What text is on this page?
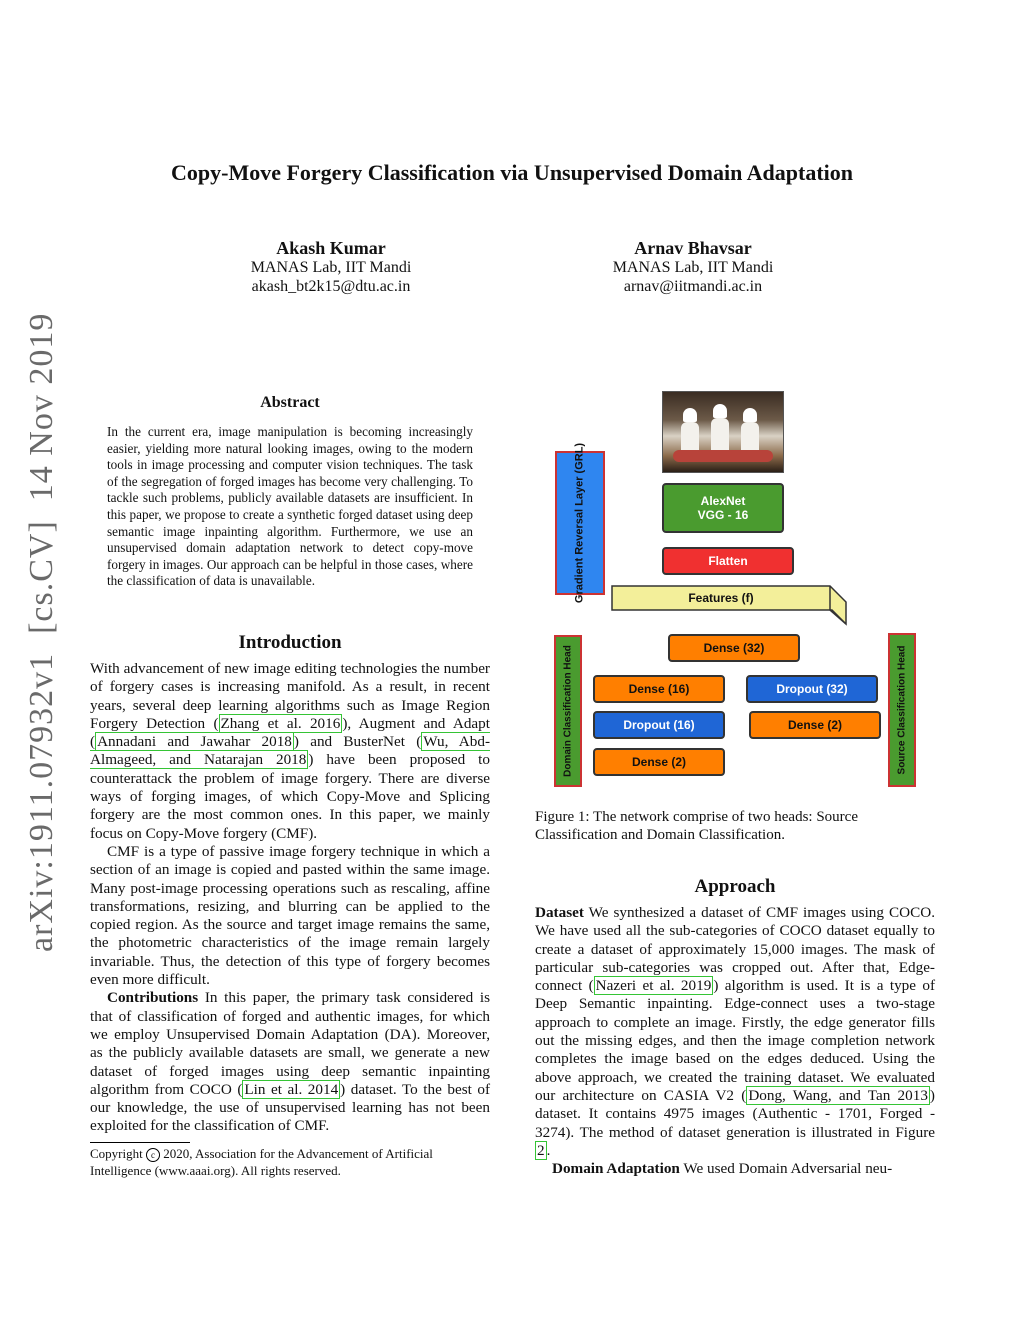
Copy-Move Forgery Classification via Unsupervised Domain Adaptation
Akash Kumar
MANAS Lab, IIT Mandi
akash_bt2k15@dtu.ac.in
Arnav Bhavsar
MANAS Lab, IIT Mandi
arnav@iitmandi.ac.in
arXiv:1911.07932v1  [cs.CV]  14 Nov 2019	Abstract
In the current era, image manipulation is becoming increasingly easier, yielding more natural looking images, owing to the modern tools in image processing and computer vision techniques. The task of the segregation of forged images has become very challenging. To tackle such problems, publicly available datasets are insufficient. In this paper, we propose to create a synthetic forged dataset using deep semantic image inpainting algorithm. Furthermore, we use an unsupervised domain adaptation network to detect copy-move forgery in images. Our approach can be helpful in those cases, where the classification of data is unavailable.
Introduction

With advancement of new image editing technologies the number of forgery cases is increasing manifold. As a result, in recent years, several deep learning algorithms such as Image Region Forgery Detection ( Zhang et al. 2016 ), Augment and Adapt ( Annadani and Jawahar 2018 ) and BusterNet ( Wu, Abd-Almageed, and Natarajan 2018 ) have been proposed to counterattack the problem of image forgery. There are diverse ways of forging images, of which Copy-Move and Splicing forgery are the most common ones. In this paper, we mainly focus on Copy-Move forgery (CMF).

CMF is a type of passive image forgery technique in which a section of an image is copied and pasted within the same image. Many post-image processing operations such as rescaling, affine transformations, resizing, and blurring can be applied to the copied region. As the source and target image remains the same, the photometric characteristics of the image remain largely invariable. Thus, the detection of this type of forgery becomes even more difficult.

Contributions In this paper, the primary task considered is that of classification of forged and authentic images, for which we employ Unsupervised Domain Adaptation (DA). Moreover, as the publicly available datasets are small, we generate a new dataset of forged images using deep semantic inpainting algorithm from COCO ( Lin et al. 2014 ) dataset. To the best of our knowledge, the use of unsupervised learning has not been exploited for the classification of CMF.

Copyright c 2020, Association for the Advancement of Artificial Intelligence (www.aaai.org). All rights reserved.
Gradient Reversal Layer (GRL)	AlexNet
VGG - 16
Flatten
Features (f)
Dense (32)
Domain Classification Head	Source Classification Head
Dense (16)
Dropout (16)
Dense (2)
Dropout (32)
Dense (2)
Figure 1: The network comprise of two heads: Source Classification and Domain Classification.
Approach

Dataset We synthesized a dataset of CMF images using COCO. We have used all the sub-categories of COCO dataset equally to create a dataset of approximately 15,000 images. The mask of particular sub-categories was cropped out. After that, Edge-connect ( Nazeri et al. 2019 ) algorithm is used. It is a type of Deep Semantic inpainting. Edge-connect uses a two-stage approach to complete an image. Firstly, the edge generator fills out the missing edges, and then the image completion network completes the image based on the edges deduced. Using the above approach, we created the training dataset. We evaluated our architecture on CASIA V2 ( Dong, Wang, and Tan 2013 ) dataset. It contains 4975 images (Authentic - 1701, Forged - 3274). The method of dataset generation is illustrated in Figure 2 .

Domain Adaptation We used Domain Adversarial neu-
